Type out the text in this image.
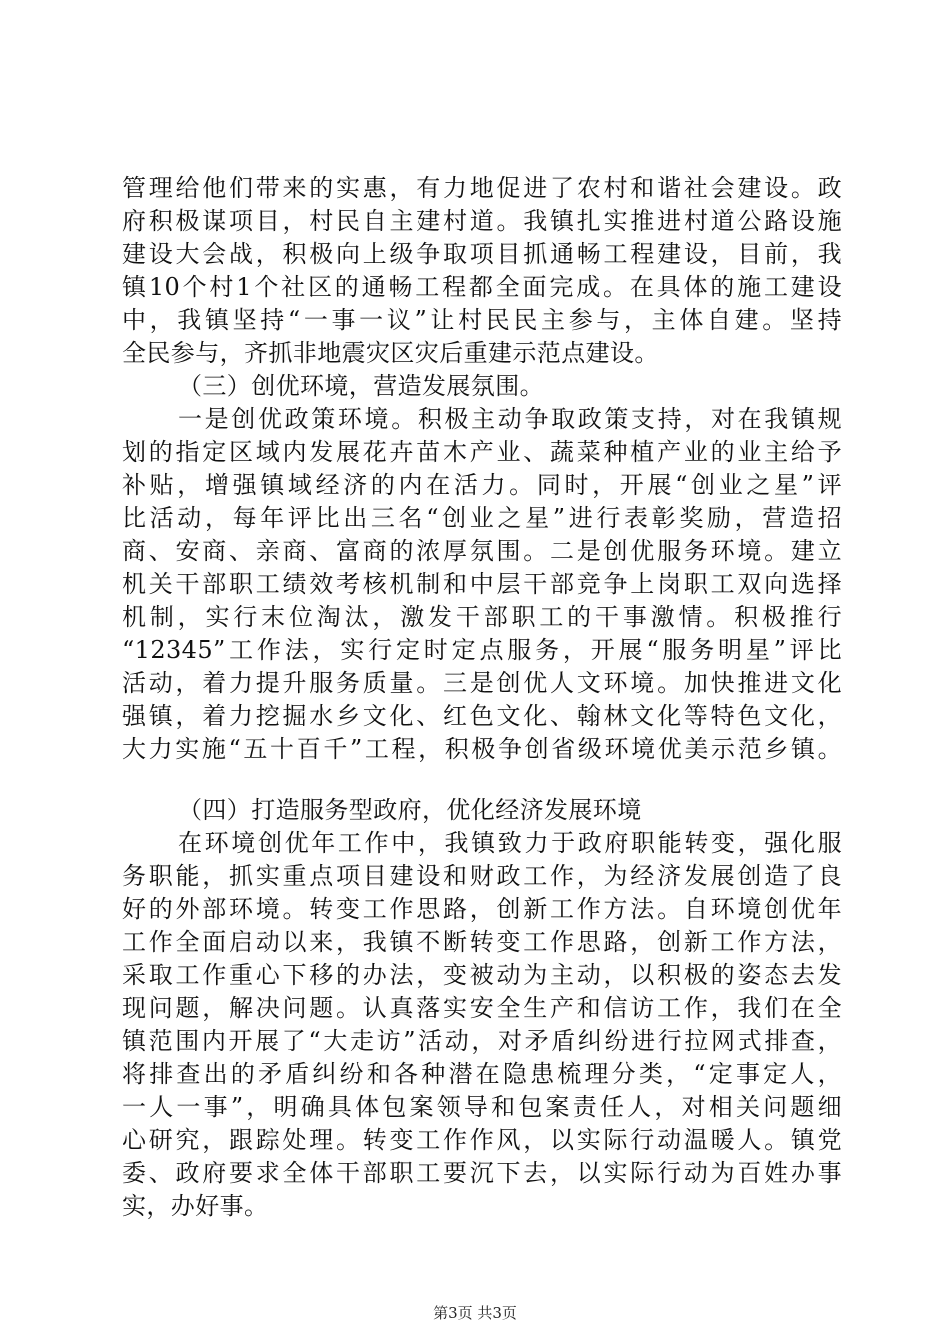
管理给他们带来的实惠，有力地促进了农村和谐社会建设。政
府积极谋项目，村民自主建村道。我镇扎实推进村道公路设施
建设大会战，积极向上级争取项目抓通畅工程建设，目前，我
镇10个村1个社区的通畅工程都全面完成。在具体的施工建设
中，我镇坚持“一事一议”让村民民主参与，主体自建。坚持
全民参与，齐抓非地震灾区灾后重建示范点建设。
（三）创优环境，营造发展氛围。
一是创优政策环境。积极主动争取政策支持，对在我镇规
划的指定区域内发展花卉苗木产业、蔬菜种植产业的业主给予
补贴，增强镇域经济的内在活力。同时，开展“创业之星”评
比活动，每年评比出三名“创业之星”进行表彰奖励，营造招
商、安商、亲商、富商的浓厚氛围。二是创优服务环境。建立
机关干部职工绩效考核机制和中层干部竞争上岗职工双向选择
机制，实行末位淘汰，激发干部职工的干事激情。积极推行
“12345”工作法，实行定时定点服务，开展“服务明星”评比
活动，着力提升服务质量。三是创优人文环境。加快推进文化
强镇，着力挖掘水乡文化、红色文化、翰林文化等特色文化，
大力实施“五十百千”工程，积极争创省级环境优美示范乡镇。
（四）打造服务型政府，优化经济发展环境
在环境创优年工作中，我镇致力于政府职能转变，强化服
务职能，抓实重点项目建设和财政工作，为经济发展创造了良
好的外部环境。转变工作思路，创新工作方法。自环境创优年
工作全面启动以来，我镇不断转变工作思路，创新工作方法，
采取工作重心下移的办法，变被动为主动，以积极的姿态去发
现问题，解决问题。认真落实安全生产和信访工作，我们在全
镇范围内开展了“大走访”活动，对矛盾纠纷进行拉网式排查，
将排查出的矛盾纠纷和各种潜在隐患梳理分类，“定事定人，
一人一事”，明确具体包案领导和包案责任人，对相关问题细
心研究，跟踪处理。转变工作作风，以实际行动温暖人。镇党
委、政府要求全体干部职工要沉下去，以实际行动为百姓办事
实，办好事。
第3页 共3页
